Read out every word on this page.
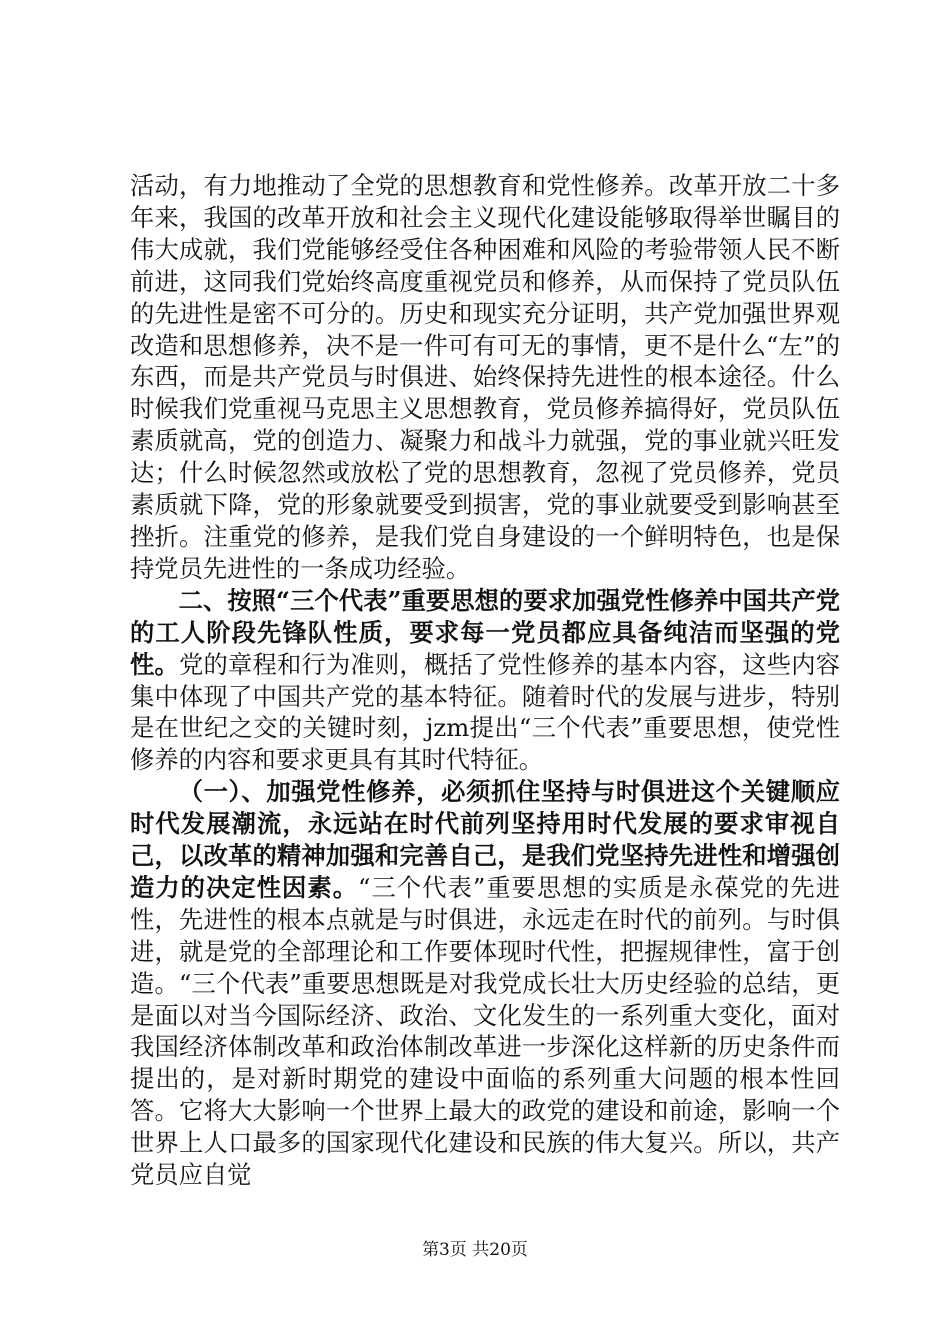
活动，有力地推动了全党的思想教育和党性修养。改革开放二十多年来，我国的改革开放和社会主义现代化建设能够取得举世瞩目的伟大成就，我们党能够经受住各种困难和风险的考验带领人民不断前进，这同我们党始终高度重视党员和修养，从而保持了党员队伍的先进性是密不可分的。历史和现实充分证明，共产党加强世界观改造和思想修养，决不是一件可有可无的事情，更不是什么“左”的东西，而是共产党员与时俱进、始终保持先进性的根本途径。什么时候我们党重视马克思主义思想教育，党员修养搞得好，党员队伍素质就高，党的创造力、凝聚力和战斗力就强，党的事业就兴旺发达；什么时候忽然或放松了党的思想教育，忽视了党员修养，党员素质就下降，党的形象就要受到损害，党的事业就要受到影响甚至挫折。注重党的修养，是我们党自身建设的一个鲜明特色，也是保持党员先进性的一条成功经验。

二、按照“三个代表”重要思想的要求加强党性修养中国共产党的工人阶段先锋队性质，要求每一党员都应具备纯洁而坚强的党性。党的章程和行为准则，概括了党性修养的基本内容，这些内容集中体现了中国共产党的基本特征。随着时代的发展与进步，特别是在世纪之交的关键时刻，jzm提出“三个代表”重要思想，使党性修养的内容和要求更具有其时代特征。

（一）、加强党性修养，必须抓住坚持与时俱进这个关键顺应时代发展潮流，永远站在时代前列坚持用时代发展的要求审视自己，以改革的精神加强和完善自己，是我们党坚持先进性和增强创造力的决定性因素。“三个代表”重要思想的实质是永葆党的先进性，先进性的根本点就是与时俱进，永远走在时代的前列。与时俱进，就是党的全部理论和工作要体现时代性，把握规律性，富于创造。“三个代表”重要思想既是对我党成长壮大历史经验的总结，更是面以对当今国际经济、政治、文化发生的一系列重大变化，面对我国经济体制改革和政治体制改革进一步深化这样新的历史条件而提出的，是对新时期党的建设中面临的系列重大问题的根本性回答。它将大大影响一个世界上最大的政党的建设和前途，影响一个世界上人口最多的国家现代化建设和民族的伟大复兴。所以，共产党员应自觉

第3页 共20页
